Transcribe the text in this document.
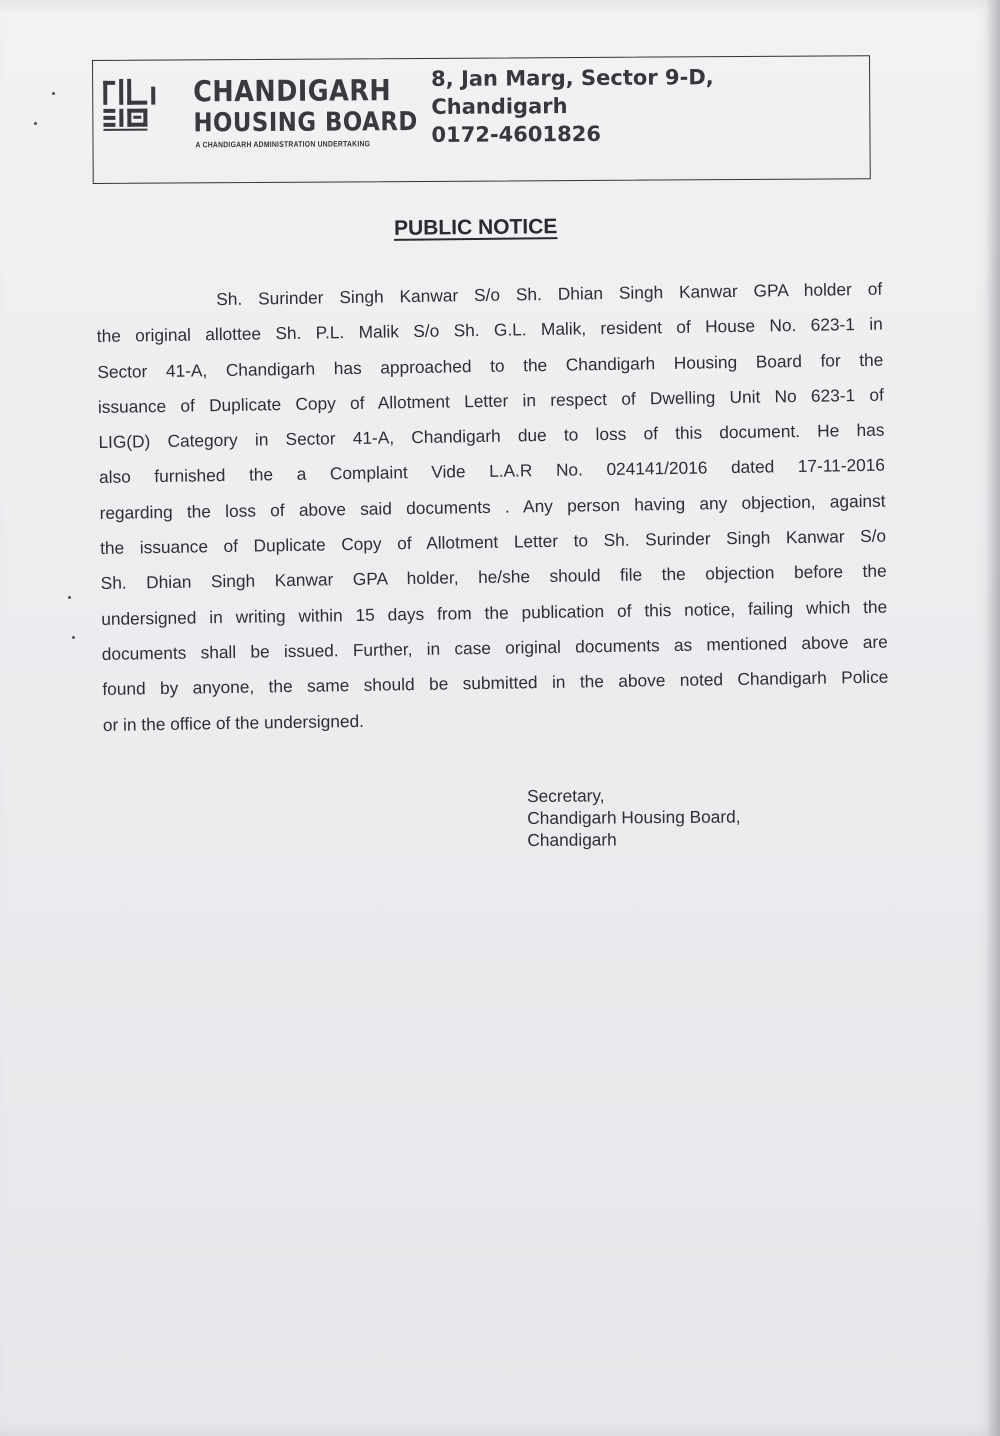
CHANDIGARH
HOUSING BOARD
A CHANDIGARH ADMINISTRATION UNDERTAKING
8, Jan Marg, Sector 9-D,
Chandigarh
0172-4601826
PUBLIC NOTICE
Sh. Surinder Singh Kanwar S/o Sh. Dhian Singh Kanwar GPA holder of
the original allottee Sh. P.L. Malik S/o Sh. G.L. Malik, resident of House No. 623-1 in
Sector 41-A, Chandigarh has approached to the Chandigarh Housing Board for the
issuance of Duplicate Copy of Allotment Letter in respect of Dwelling Unit No 623-1 of
LIG(D) Category in Sector 41-A, Chandigarh due to loss of this document. He has
also furnished the a Complaint Vide L.A.R No. 024141/2016 dated 17-11-2016
regarding the loss of above said documents . Any person having any objection, against
the issuance of Duplicate Copy of Allotment Letter to Sh. Surinder Singh Kanwar S/o
Sh. Dhian Singh Kanwar GPA holder, he/she should file the objection before the
undersigned in writing within 15 days from the publication of this notice, failing which the
documents shall be issued. Further, in case original documents as mentioned above are
found by anyone, the same should be submitted in the above noted Chandigarh Police
or in the office of the undersigned.
Secretary,
Chandigarh Housing Board,
Chandigarh
